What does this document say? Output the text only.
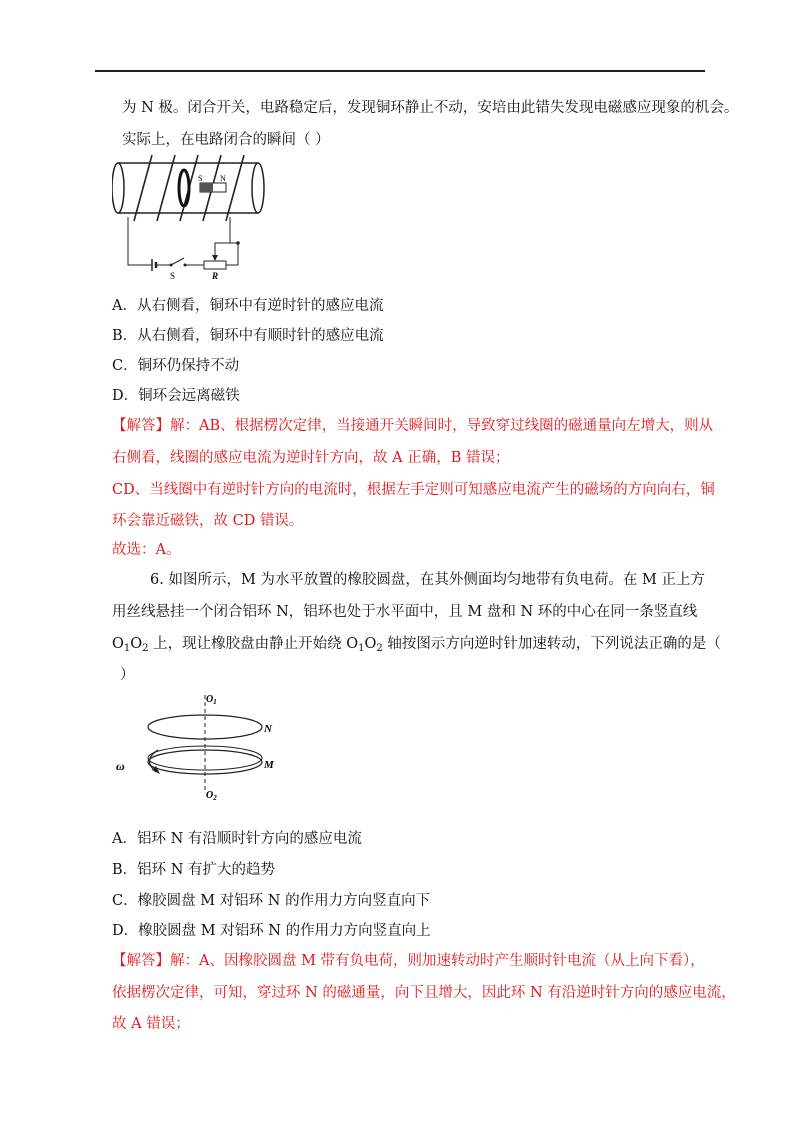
为 N 极。闭合开关，电路稳定后，发现铜环静止不动，安培由此错失发现电磁感应现象的机会。
实际上，在电路闭合的瞬间（ ）
S N
S	R
A．从右侧看，铜环中有逆时针的感应电流
B．从右侧看，铜环中有顺时针的感应电流
C．铜环仍保持不动
D．铜环会远离磁铁
【解答】解：AB、根据楞次定律，当接通开关瞬间时，导致穿过线圈的磁通量向左增大，则从
右侧看，线圈的感应电流为逆时针方向，故 A 正确，B 错误；
CD、当线圈中有逆时针方向的电流时，根据左手定则可知感应电流产生的磁场的方向向右，铜
环会靠近磁铁，故 CD 错误。
故选：A。
6. 如图所示，M 为水平放置的橡胶圆盘，在其外侧面均匀地带有负电荷。在 M 正上方
用丝线悬挂一个闭合铝环 N，铝环也处于水平面中，且 M 盘和 N 环的中心在同一条竖直线
$O_1O_2$ 上，现让橡胶盘由静止开始绕 $O_1O_2$ 轴按图示方向逆时针加速转动，下列说法正确的是（
）
$O_1$
$O_2$
N
M
ω
A．铝环 N 有沿顺时针方向的感应电流
B．铝环 N 有扩大的趋势
C．橡胶圆盘 M 对铝环 N 的作用力方向竖直向下
D．橡胶圆盘 M 对铝环 N 的作用力方向竖直向上
【解答】解：A、因橡胶圆盘 M 带有负电荷，则加速转动时产生顺时针电流（从上向下看），
依据楞次定律，可知，穿过环 N 的磁通量，向下且增大，因此环 N 有沿逆时针方向的感应电流，
故 A 错误；
